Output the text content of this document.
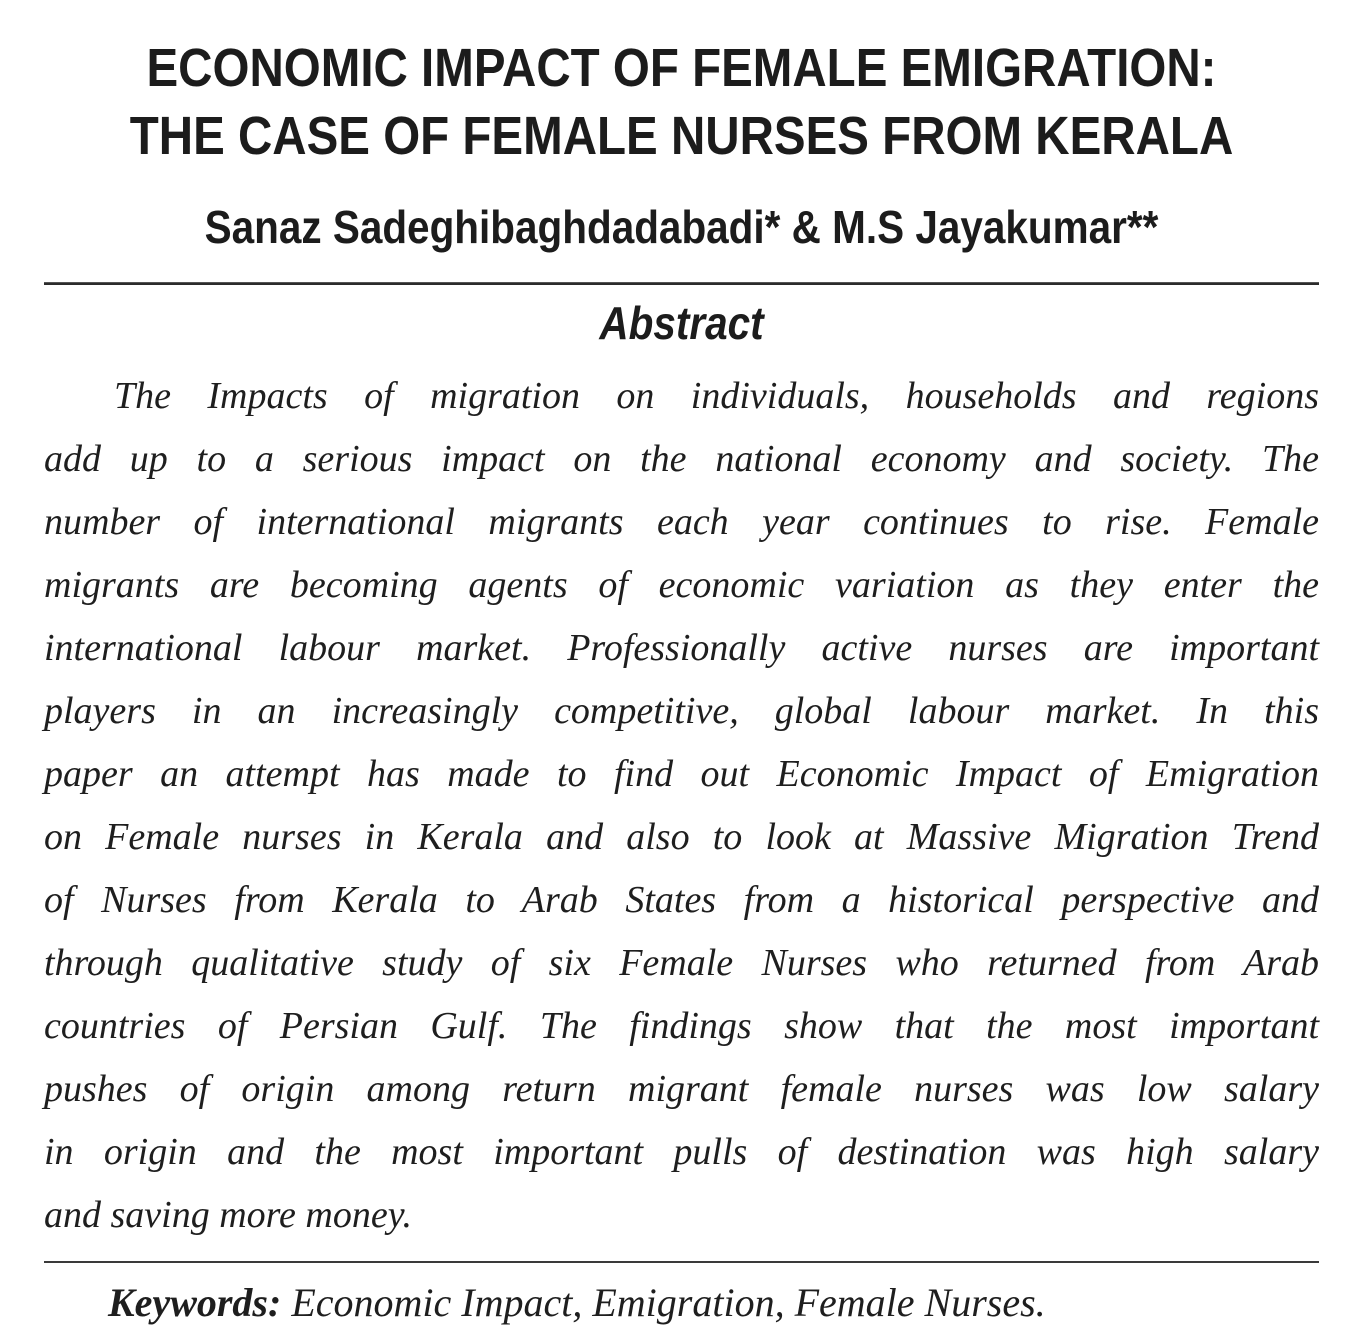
ECONOMIC IMPACT OF FEMALE EMIGRATION:
THE CASE OF FEMALE NURSES FROM KERALA
Sanaz Sadeghibaghdadabadi* & M.S Jayakumar**
Abstract
The Impacts of migration on individuals, households and regions
add up to a serious impact on the national economy and society. The
number of international migrants each year continues to rise. Female
migrants are becoming agents of economic variation as they enter the
international labour market. Professionally active nurses are important
players in an increasingly competitive, global labour market. In this
paper an attempt has made to find out Economic Impact of Emigration
on Female nurses in Kerala and also to look at Massive Migration Trend
of Nurses from Kerala to Arab States from a historical perspective and
through qualitative study of six Female Nurses who returned from Arab
countries of Persian Gulf. The findings show that the most important
pushes of origin among return migrant female nurses was low salary
in origin and the most important pulls of destination was high salary
and saving more money.
Keywords: Economic Impact, Emigration, Female Nurses.
